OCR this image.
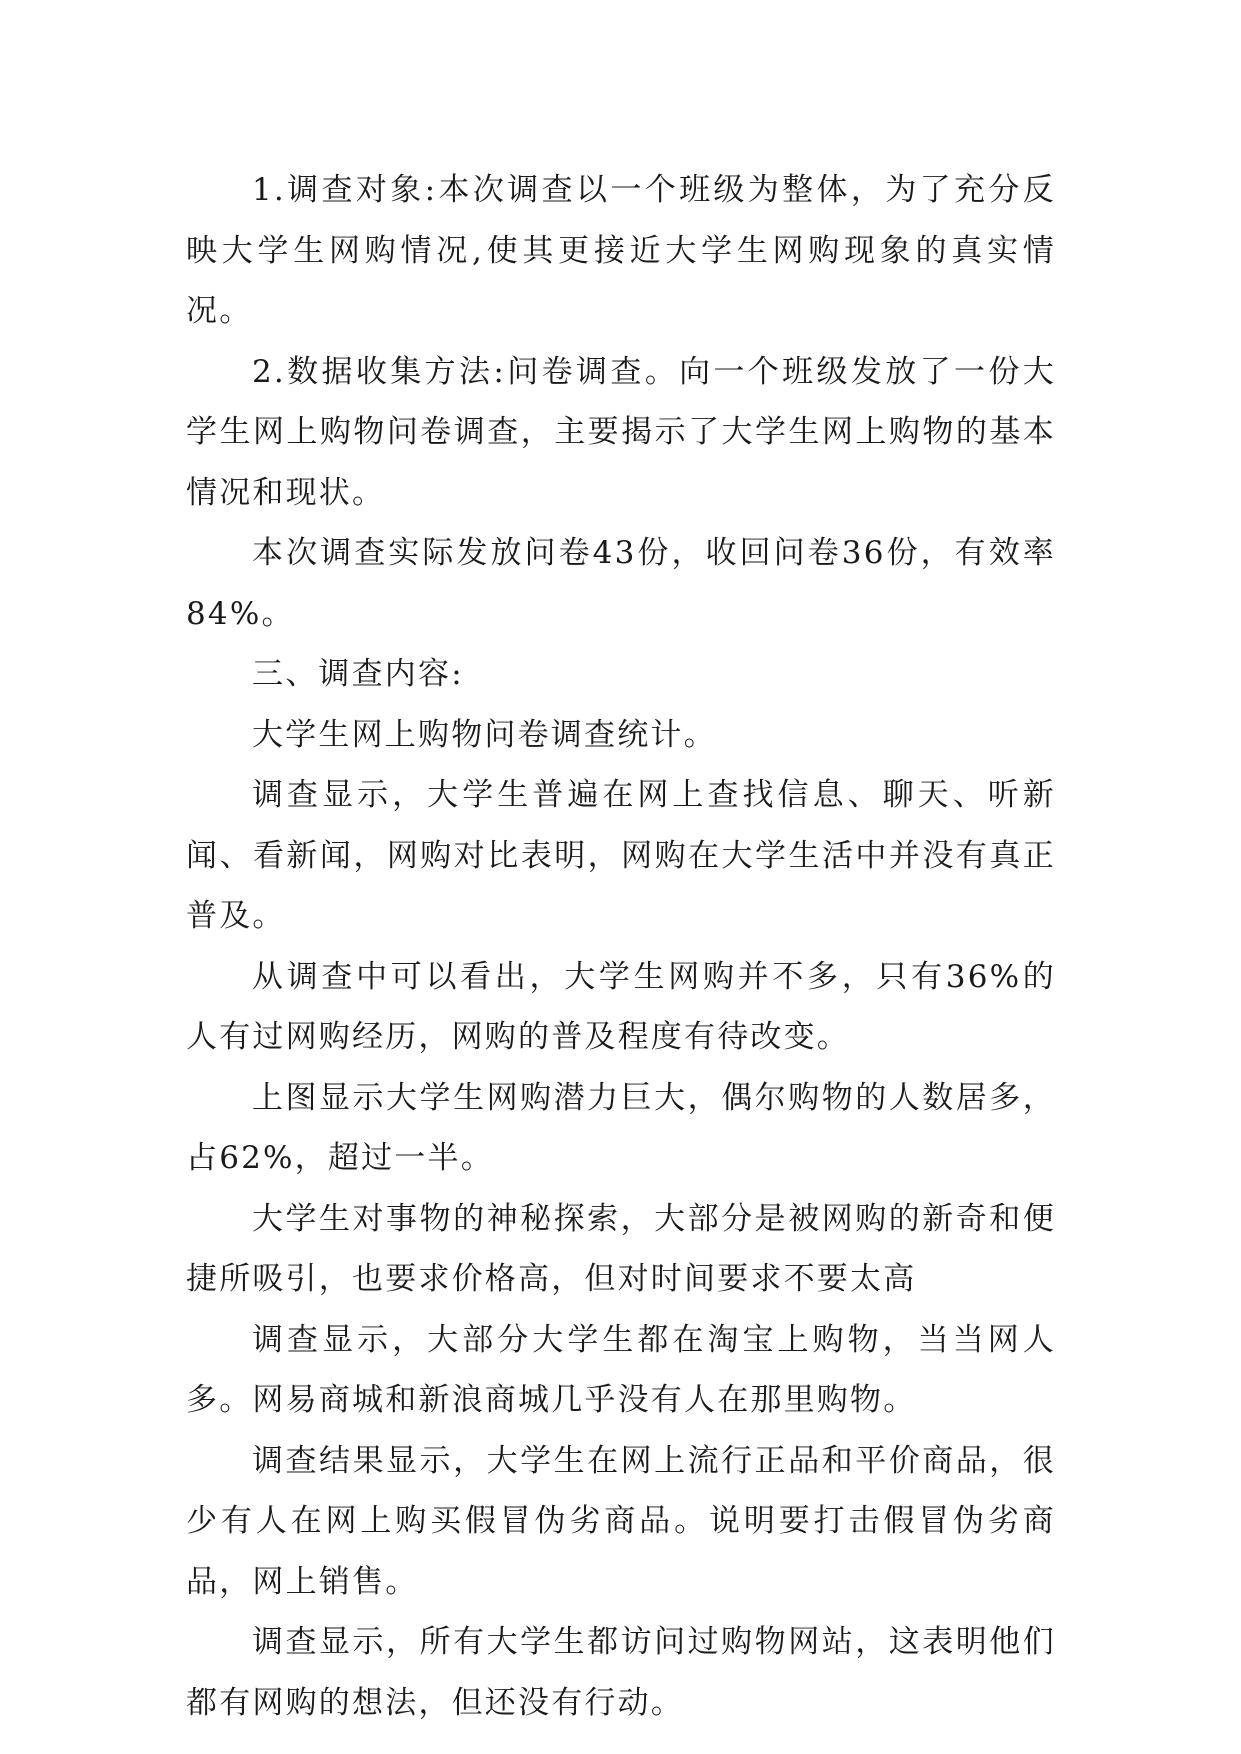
1.调查对象:本次调查以一个班级为整体，为了充分反映大学生网购情况,使其更接近大学生网购现象的真实情况。

2.数据收集方法:问卷调查。向一个班级发放了一份大学生网上购物问卷调查，主要揭示了大学生网上购物的基本情况和现状。

本次调查实际发放问卷43份，收回问卷36份，有效率84%。

三、调查内容:

大学生网上购物问卷调查统计。

调查显示，大学生普遍在网上查找信息、聊天、听新闻、看新闻，网购对比表明，网购在大学生活中并没有真正普及。

从调查中可以看出，大学生网购并不多，只有36%的人有过网购经历，网购的普及程度有待改变。

上图显示大学生网购潜力巨大，偶尔购物的人数居多，占62%，超过一半。

大学生对事物的神秘探索，大部分是被网购的新奇和便捷所吸引，也要求价格高，但对时间要求不要太高

调查显示，大部分大学生都在淘宝上购物，当当网人多。网易商城和新浪商城几乎没有人在那里购物。

调查结果显示，大学生在网上流行正品和平价商品，很少有人在网上购买假冒伪劣商品。说明要打击假冒伪劣商品，网上销售。

调查显示，所有大学生都访问过购物网站，这表明他们都有网购的想法，但还没有行动。
